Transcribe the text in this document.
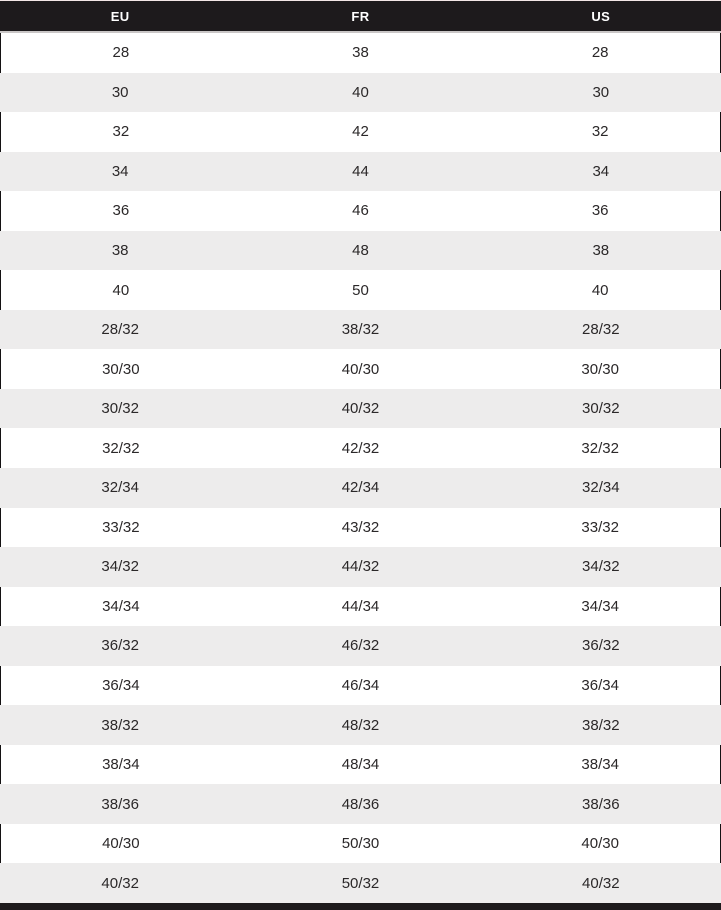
EU	FR	US
28	38	28
30	40	30
32	42	32
34	44	34
36	46	36
38	48	38
40	50	40
28/32	38/32	28/32
30/30	40/30	30/30
30/32	40/32	30/32
32/32	42/32	32/32
32/34	42/34	32/34
33/32	43/32	33/32
34/32	44/32	34/32
34/34	44/34	34/34
36/32	46/32	36/32
36/34	46/34	36/34
38/32	48/32	38/32
38/34	48/34	38/34
38/36	48/36	38/36
40/30	50/30	40/30
40/32	50/32	40/32
